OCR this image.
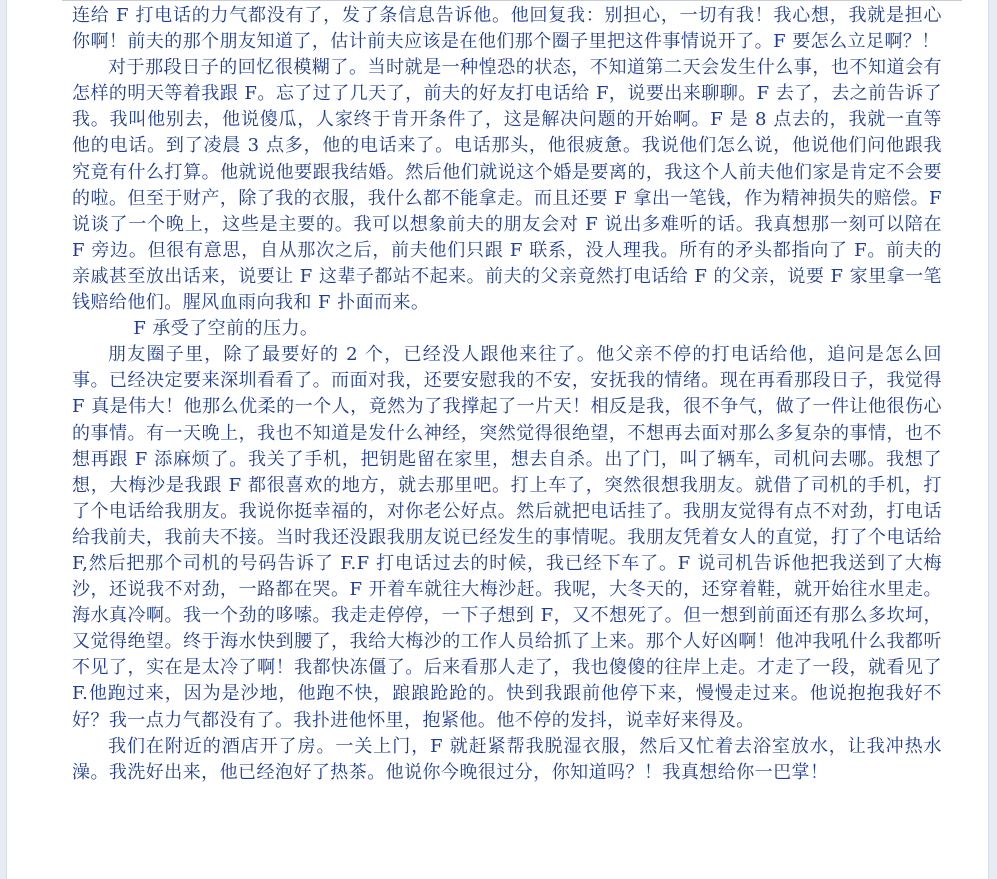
连给 F 打电话的力气都没有了，发了条信息告诉他。他回复我：别担心，一切有我！我心想，我就是担心你啊！前夫的那个朋友知道了，估计前夫应该是在他们那个圈子里把这件事情说开了。F 要怎么立足啊？！

对于那段日子的回忆很模糊了。当时就是一种惶恐的状态，不知道第二天会发生什么事，也不知道会有怎样的明天等着我跟 F。忘了过了几天了，前夫的好友打电话给 F，说要出来聊聊。F 去了，去之前告诉了我。我叫他别去，他说傻瓜，人家终于肯开条件了，这是解决问题的开始啊。F 是 8 点去的，我就一直等他的电话。到了凌晨 3 点多，他的电话来了。电话那头，他很疲惫。我说他们怎么说，他说他们问他跟我究竟有什么打算。他就说他要跟我结婚。然后他们就说这个婚是要离的，我这个人前夫他们家是肯定不会要的啦。但至于财产，除了我的衣服，我什么都不能拿走。而且还要 F 拿出一笔钱，作为精神损失的赔偿。F 说谈了一个晚上，这些是主要的。我可以想象前夫的朋友会对 F 说出多难听的话。我真想那一刻可以陪在 F 旁边。但很有意思，自从那次之后，前夫他们只跟 F 联系，没人理我。所有的矛头都指向了 F。前夫的亲戚甚至放出话来，说要让 F 这辈子都站不起来。前夫的父亲竟然打电话给 F 的父亲，说要 F 家里拿一笔钱赔给他们。腥风血雨向我和 F 扑面而来。

F 承受了空前的压力。

朋友圈子里，除了最要好的 2 个，已经没人跟他来往了。他父亲不停的打电话给他，追问是怎么回事。已经决定要来深圳看看了。而面对我，还要安慰我的不安，安抚我的情绪。现在再看那段日子，我觉得 F 真是伟大！他那么优柔的一个人，竟然为了我撑起了一片天！相反是我，很不争气，做了一件让他很伤心的事情。有一天晚上，我也不知道是发什么神经，突然觉得很绝望，不想再去面对那么多复杂的事情，也不想再跟 F 添麻烦了。我关了手机，把钥匙留在家里，想去自杀。出了门，叫了辆车，司机问去哪。我想了想，大梅沙是我跟 F 都很喜欢的地方，就去那里吧。打上车了，突然很想我朋友。就借了司机的手机，打了个电话给我朋友。我说你挺幸福的，对你老公好点。然后就把电话挂了。我朋友觉得有点不对劲，打电话给我前夫，我前夫不接。当时我还没跟我朋友说已经发生的事情呢。我朋友凭着女人的直觉，打了个电话给 F,然后把那个司机的号码告诉了 F.F 打电话过去的时候，我已经下车了。F 说司机告诉他把我送到了大梅沙，还说我不对劲，一路都在哭。F 开着车就往大梅沙赶。我呢，大冬天的，还穿着鞋，就开始往水里走。海水真冷啊。我一个劲的哆嗦。我走走停停，一下子想到 F，又不想死了。但一想到前面还有那么多坎坷，又觉得绝望。终于海水快到腰了，我给大梅沙的工作人员给抓了上来。那个人好凶啊！他冲我吼什么我都听不见了，实在是太冷了啊！我都快冻僵了。后来看那人走了，我也傻傻的往岸上走。才走了一段，就看见了 F.他跑过来，因为是沙地，他跑不快，踉踉跄跄的。快到我跟前他停下来，慢慢走过来。他说抱抱我好不好？我一点力气都没有了。我扑进他怀里，抱紧他。他不停的发抖，说幸好来得及。

我们在附近的酒店开了房。一关上门，F 就赶紧帮我脱湿衣服，然后又忙着去浴室放水，让我冲热水澡。我洗好出来，他已经泡好了热茶。他说你今晚很过分，你知道吗？！我真想给你一巴掌！
